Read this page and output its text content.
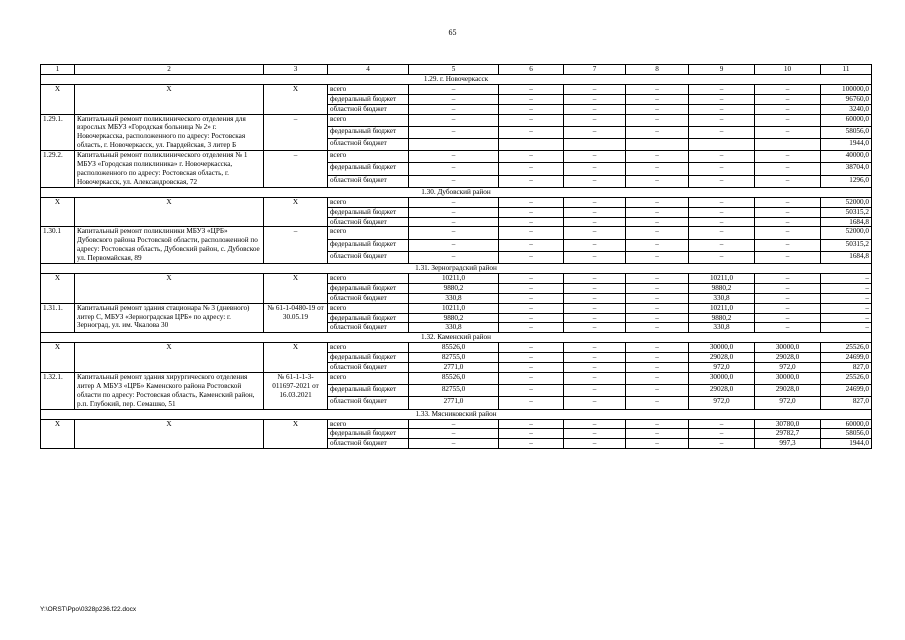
65
1	2	3	4	5	6	7	8	9	10	11
1.29. г. Новочеркасск										
X	X	X	всего	–	–	–	–	–	–	100000,0
			федеральный бюджет	–	–	–	–	–	–	96760,0
			областной бюджет	–	–	–	–	–	–	3240,0
1.29.1.	Капитальный ремонт поликлинического отделения для взрослых МБУЗ «Городская больница № 2» г. Новочеркасска, расположенного по адресу: Ростовская область, г. Новочеркасск, ул. Гвардейская, 3 литер Б	–	всего	–	–	–	–	–	–	60000,0
			федеральный бюджет	–	–	–	–	–	–	58056,0
			областной бюджет							1944,0
1.29.2.	Капитальный ремонт поликлинического отделения № 1 МБУЗ «Городская поликлиника» г. Новочеркасска, расположенного по адресу: Ростовская область, г. Новочеркасск, ул. Александровская, 72	–	всего	–	–	–	–	–	–	40000,0
			федеральный бюджет	–	–	–	–	–	–	38704,0
			областной бюджет	–	–	–	–	–	–	1296,0
1.30. Дубовский район										
X	X	X	всего	–	–	–	–	–	–	52000,0
			федеральный бюджет	–	–	–	–	–	–	50315,2
			областной бюджет	–	–	–	–	–	–	1684,8
1.30.1	Капитальный ремонт поликлиники МБУЗ «ЦРБ» Дубовского района Ростовской области, расположенной по адресу: Ростовская область, Дубовский район, с. Дубовское ул. Первомайская, 89	–	всего	–	–	–	–	–	–	52000,0
			федеральный бюджет	–	–	–	–	–	–	50315,2
			областной бюджет	–	–	–	–	–	–	1684,8
1.31. Зерноградский район										
X	X	X	всего	10211,0	–	–	–	10211,0	–	–
			федеральный бюджет	9880,2	–	–	–	9880,2	–	–
			областной бюджет	330,8	–	–	–	330,8	–	–
1.31.1.	Капитальный ремонт здания стационара № 3 (дневного) литер С, МБУЗ «Зерноградская ЦРБ» по адресу: г. Зерноград, ул. им. Чкалова 30	№ 61-1-0480-19 от 30.05.19	всего	10211,0	–	–	–	10211,0	–	–
			федеральный бюджет	9880,2	–	–	–	9880,2	–	–
			областной бюджет	330,8	–	–	–	330,8	–	–
1.32. Каменский район										
X	X	X	всего	85526,0	–	–	–	30000,0	30000,0	25526,0
			федеральный бюджет	82755,0	–	–	–	29028,0	29028,0	24699,0
			областной бюджет	2771,0	–	–	–	972,0	972,0	827,0
1.32.1.	Капитальный ремонт здания хирургического отделения литер А МБУЗ «ЦРБ» Каменского района Ростовской области по адресу: Ростовская область, Каменский район, р.п. Глубокий, пер. Семашко, 51	№ 61-1-1-3-011697-2021 от 16.03.2021	всего	85526,0	–	–	–	30000,0	30000,0	25526,0
			федеральный бюджет	82755,0	–	–	–	29028,0	29028,0	24699,0
			областной бюджет	2771,0	–	–	–	972,0	972,0	827,0
1.33. Мясниковский район										
X	X	X	всего	–	–	–	–	–	30780,0	60000,0
			федеральный бюджет	–	–	–	–	–	29782,7	58056,0
			областной бюджет	–	–	–	–	–	997,3	1944,0
Y:\ORST\Ppo\0328p236.f22.docx
